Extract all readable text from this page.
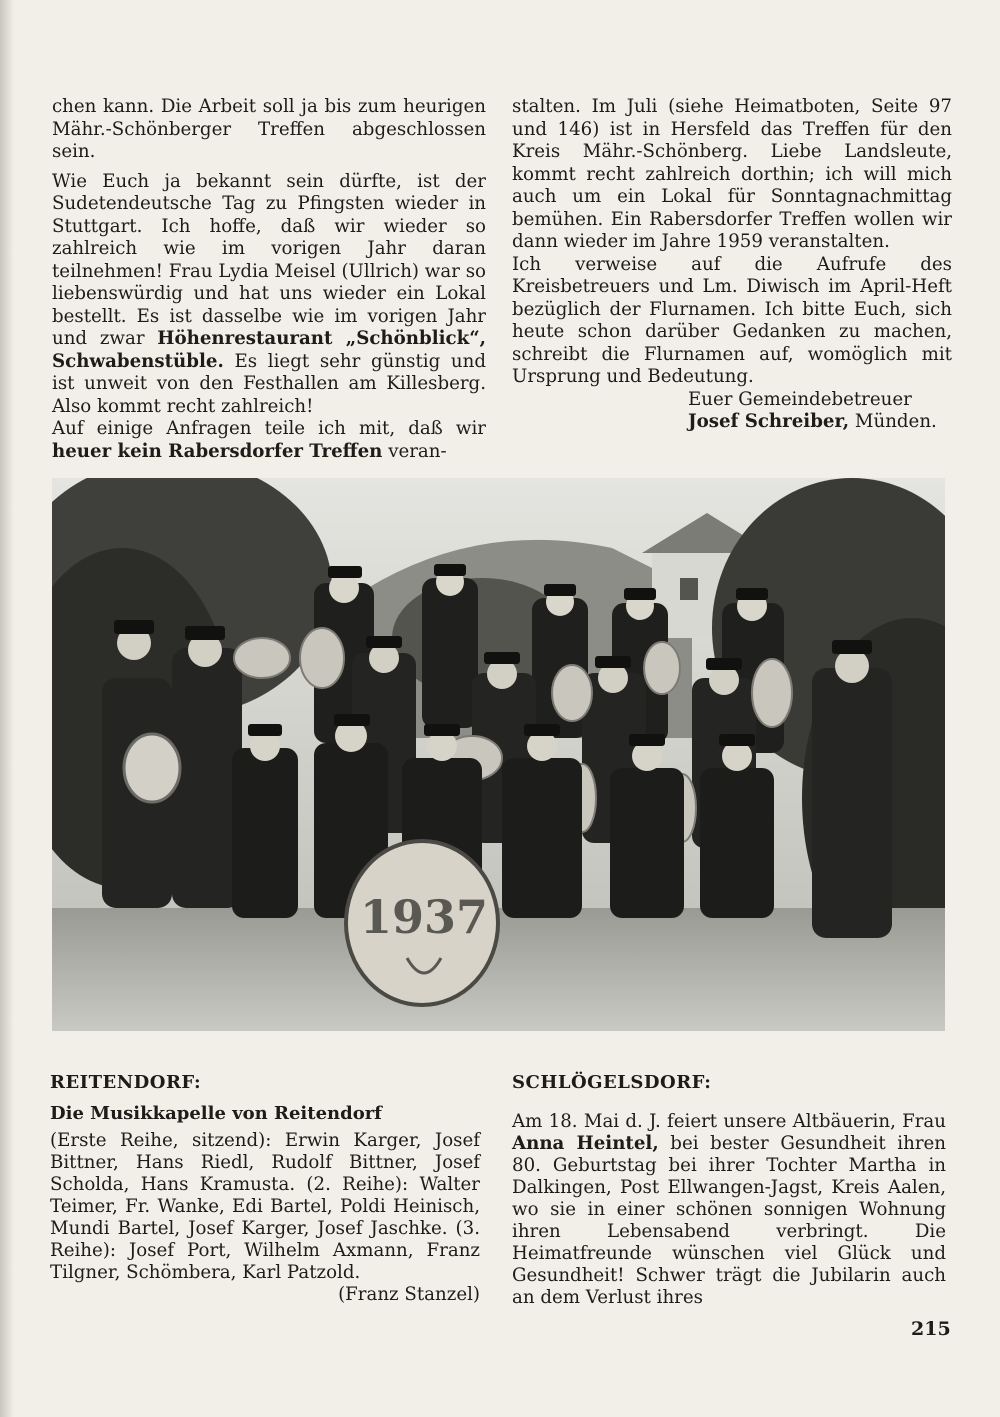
chen kann. Die Arbeit soll ja bis zum heurigen Mähr.-Schönberger Treffen abgeschlossen sein.

Wie Euch ja bekannt sein dürfte, ist der Sudetendeutsche Tag zu Pfingsten wieder in Stuttgart. Ich hoffe, daß wir wieder so zahlreich wie im vorigen Jahr daran teilnehmen! Frau Lydia Meisel (Ullrich) war so liebenswürdig und hat uns wieder ein Lokal bestellt. Es ist dasselbe wie im vorigen Jahr und zwar Höhenrestaurant „Schönblick“, Schwabenstüble. Es liegt sehr günstig und ist unweit von den Festhallen am Killesberg. Also kommt recht zahlreich!

Auf einige Anfragen teile ich mit, daß wir heuer kein Rabersdorfer Treffen veran-

stalten. Im Juli (siehe Heimatboten, Seite 97 und 146) ist in Hersfeld das Treffen für den Kreis Mähr.-Schönberg. Liebe Landsleute, kommt recht zahlreich dorthin; ich will mich auch um ein Lokal für Sonntagnachmittag bemühen. Ein Rabersdorfer Treffen wollen wir dann wieder im Jahre 1959 veranstalten.

Ich verweise auf die Aufrufe des Kreisbetreuers und Lm. Diwisch im April-Heft bezüglich der Flurnamen. Ich bitte Euch, sich heute schon darüber Gedanken zu machen, schreibt die Flurnamen auf, womöglich mit Ursprung und Bedeutung.

Euer Gemeindebetreuer

Josef Schreiber, Münden.

1937
REITENDORF:
Die Musikkapelle von Reitendorf

(Erste Reihe, sitzend): Erwin Karger, Josef Bittner, Hans Riedl, Rudolf Bittner, Josef Scholda, Hans Kramusta. (2. Reihe): Walter Teimer, Fr. Wanke, Edi Bartel, Poldi Heinisch, Mundi Bartel, Josef Karger, Josef Jaschke. (3. Reihe): Josef Port, Wilhelm Axmann, Franz Tilgner, Schömbera, Karl Patzold.

(Franz Stanzel)
SCHLÖGELSDORF:

Am 18. Mai d. J. feiert unsere Altbäuerin, Frau Anna Heintel, bei bester Gesundheit ihren 80. Geburtstag bei ihrer Tochter Martha in Dalkingen, Post Ellwangen-Jagst, Kreis Aalen, wo sie in einer schönen sonnigen Wohnung ihren Lebensabend verbringt. Die Heimatfreunde wünschen viel Glück und Gesundheit! Schwer trägt die Jubilarin auch an dem Verlust ihres

215
